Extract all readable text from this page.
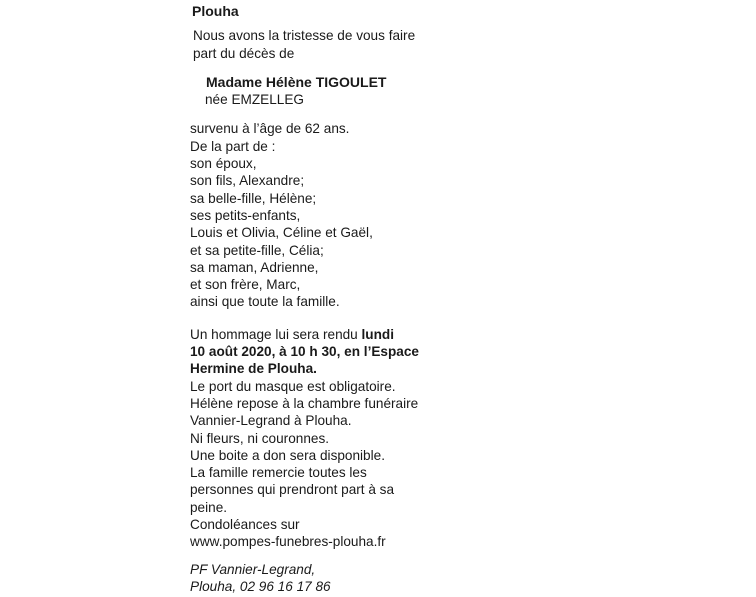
Plouha
Nous avons la tristesse de vous faire
part du décès de
Madame Hélène TIGOULET
née EMZELLEG
survenu à l’âge de 62 ans.
De la part de :
son époux,
son fils, Alexandre;
sa belle-fille, Hélène;
ses petits-enfants,
Louis et Olivia, Céline et Gaël,
et sa petite-fille, Célia;
sa maman, Adrienne,
et son frère, Marc,
ainsi que toute la famille.
Un hommage lui sera rendu lundi
10 août 2020, à 10 h 30, en l’Espace
Hermine de Plouha.
Le port du masque est obligatoire.
Hélène repose à la chambre funéraire
Vannier-Legrand à Plouha.
Ni fleurs, ni couronnes.
Une boite a don sera disponible.
La famille remercie toutes les
personnes qui prendront part à sa
peine.
Condoléances sur
www.pompes-funebres-plouha.fr
PF Vannier-Legrand,
Plouha, 02 96 16 17 86
